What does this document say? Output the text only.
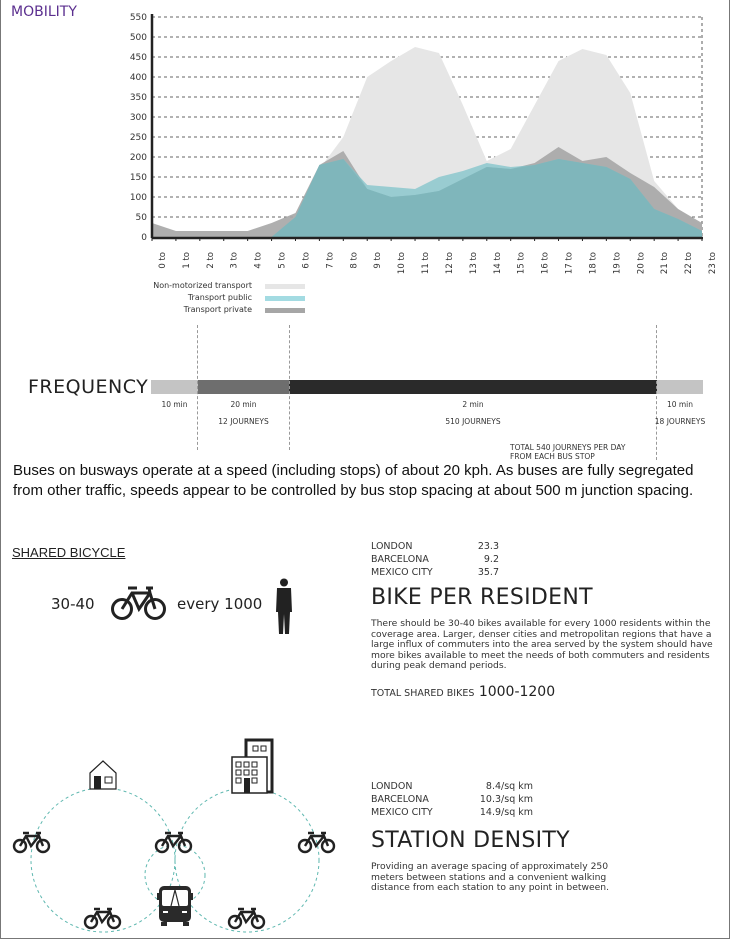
MOBILITY
0
50
100
150
200
250
300
350
400
450
500
550
0 to 1 to 2 to 3 to 4 to 5 to 6 to 7 to 8 to 9 to 10 to 11 to 12 to 13 to 14 to 15 to 16 to 17 to 18 to 19 to 20 to 21 to 22 to 23 to
Non-motorized transport
Transport public
Transport private
FREQUENCY
10 min	20 min
12 JOURNEYS
2 min
510 JOURNEYS
10 min
18 JOURNEYS
TOTAL 540 JOURNEYS PER DAY
FROM EACH BUS STOP
Buses on busways operate at a speed (including stops) of about 20 kph. As buses are fully segregated from other traffic, speeds appear to be controlled by bus stop spacing at about 500 m junction spacing.
SHARED BICYCLE
30-40	every 1000
LONDON	23.3
BARCELONA	9.2
MEXICO CITY	35.7
BIKE PER RESIDENT
There should be 30-40 bikes available for every 1000 residents within the coverage area. Larger, denser cities and metropolitan regions that have a large influx of commuters into the area served by the system should have more bikes available to meet the needs of both commuters and residents during peak demand periods.
TOTAL SHARED BIKES 1000-1200
LONDON	8.4/sq km
BARCELONA	10.3/sq km
MEXICO CITY	14.9/sq km
STATION DENSITY
Providing an average spacing of approximately 250 meters between stations and a convenient walking distance from each station to any point in between.
